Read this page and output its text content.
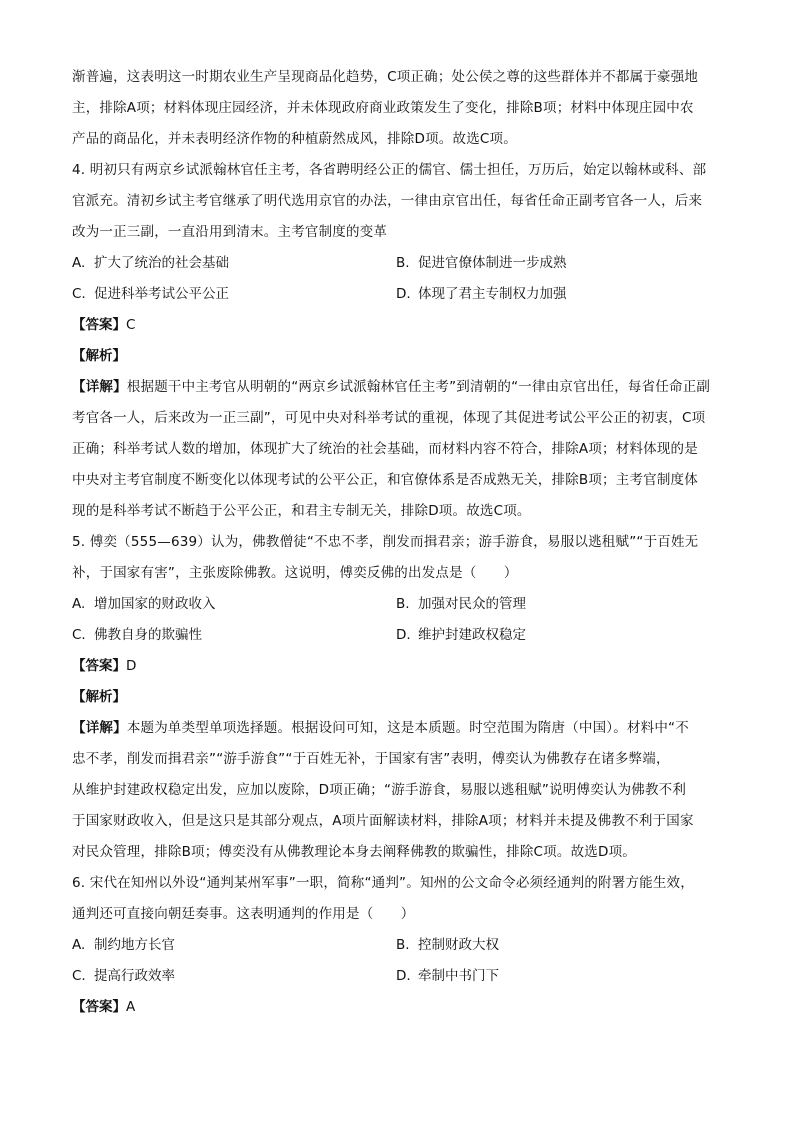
渐普遍，这表明这一时期农业生产呈现商品化趋势，C项正确；处公侯之尊的这些群体并不都属于豪强地
主，排除A项；材料体现庄园经济，并未体现政府商业政策发生了变化，排除B项；材料中体现庄园中农
产品的商品化，并未表明经济作物的种植蔚然成风，排除D项。故选C项。
4. 明初只有两京乡试派翰林官任主考，各省聘明经公正的儒官、儒士担任，万历后，始定以翰林或科、部
官派充。清初乡试主考官继承了明代选用京官的办法，一律由京官出任，每省任命正副考官各一人，后来
改为一正三副，一直沿用到清末。主考官制度的变革
A. 扩大了统治的社会基础	B. 促进官僚体制进一步成熟
C. 促进科举考试公平公正	D. 体现了君主专制权力加强
【答案】C
【解析】
【详解】根据题干中主考官从明朝的“两京乡试派翰林官任主考”到清朝的“一律由京官出任，每省任命正副
考官各一人，后来改为一正三副”，可见中央对科举考试的重视，体现了其促进考试公平公正的初衷，C项
正确；科举考试人数的增加，体现扩大了统治的社会基础，而材料内容不符合，排除A项；材料体现的是
中央对主考官制度不断变化以体现考试的公平公正，和官僚体系是否成熟无关，排除B项；主考官制度体
现的是科举考试不断趋于公平公正，和君主专制无关，排除D项。故选C项。
5. 傅奕（555—639）认为，佛教僧徒“不忠不孝，削发而揖君亲；游手游食，易服以逃租赋”“于百姓无
补，于国家有害”，主张废除佛教。这说明，傅奕反佛的出发点是（　　）
A. 增加国家的财政收入	B. 加强对民众的管理
C. 佛教自身的欺骗性	D. 维护封建政权稳定
【答案】D
【解析】
【详解】本题为单类型单项选择题。根据设问可知，这是本质题。时空范围为隋唐（中国）。材料中“不
忠不孝，削发而揖君亲”“游手游食”“于百姓无补，于国家有害”表明，傅奕认为佛教存在诸多弊端，
从维护封建政权稳定出发，应加以废除，D项正确；“游手游食，易服以逃租赋”说明傅奕认为佛教不利
于国家财政收入，但是这只是其部分观点，A项片面解读材料，排除A项；材料并未提及佛教不利于国家
对民众管理，排除B项；傅奕没有从佛教理论本身去阐释佛教的欺骗性，排除C项。故选D项。
6. 宋代在知州以外设“通判某州军事”一职，简称“通判”。知州的公文命令必须经通判的附署方能生效，
通判还可直接向朝廷奏事。这表明通判的作用是（　　）
A. 制约地方长官	B. 控制财政大权
C. 提高行政效率	D. 牵制中书门下
【答案】A
